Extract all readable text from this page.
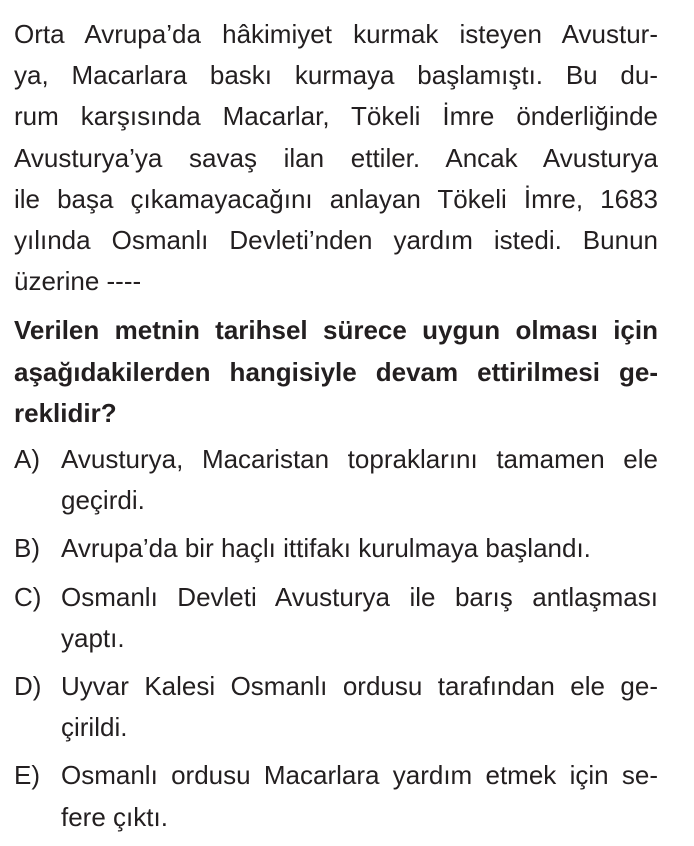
Orta Avrupa’da hâkimiyet kurmak isteyen Avustur-
ya, Macarlara baskı kurmaya başlamıştı. Bu du-
rum karşısında Macarlar, Tökeli İmre önderliğinde
Avusturya’ya savaş ilan ettiler. Ancak Avusturya
ile başa çıkamayacağını anlayan Tökeli İmre, 1683
yılında Osmanlı Devleti’nden yardım istedi. Bunun
üzerine ----
Verilen metnin tarihsel sürece uygun olması için
aşağıdakilerden hangisiyle devam ettirilmesi ge-
reklidir?
A) Avusturya, Macaristan topraklarını tamamen ele
geçirdi.
B) Avrupa’da bir haçlı ittifakı kurulmaya başlandı.
C) Osmanlı Devleti Avusturya ile barış antlaşması
yaptı.
D) Uyvar Kalesi Osmanlı ordusu tarafından ele ge-
çirildi.
E) Osmanlı ordusu Macarlara yardım etmek için se-
fere çıktı.
